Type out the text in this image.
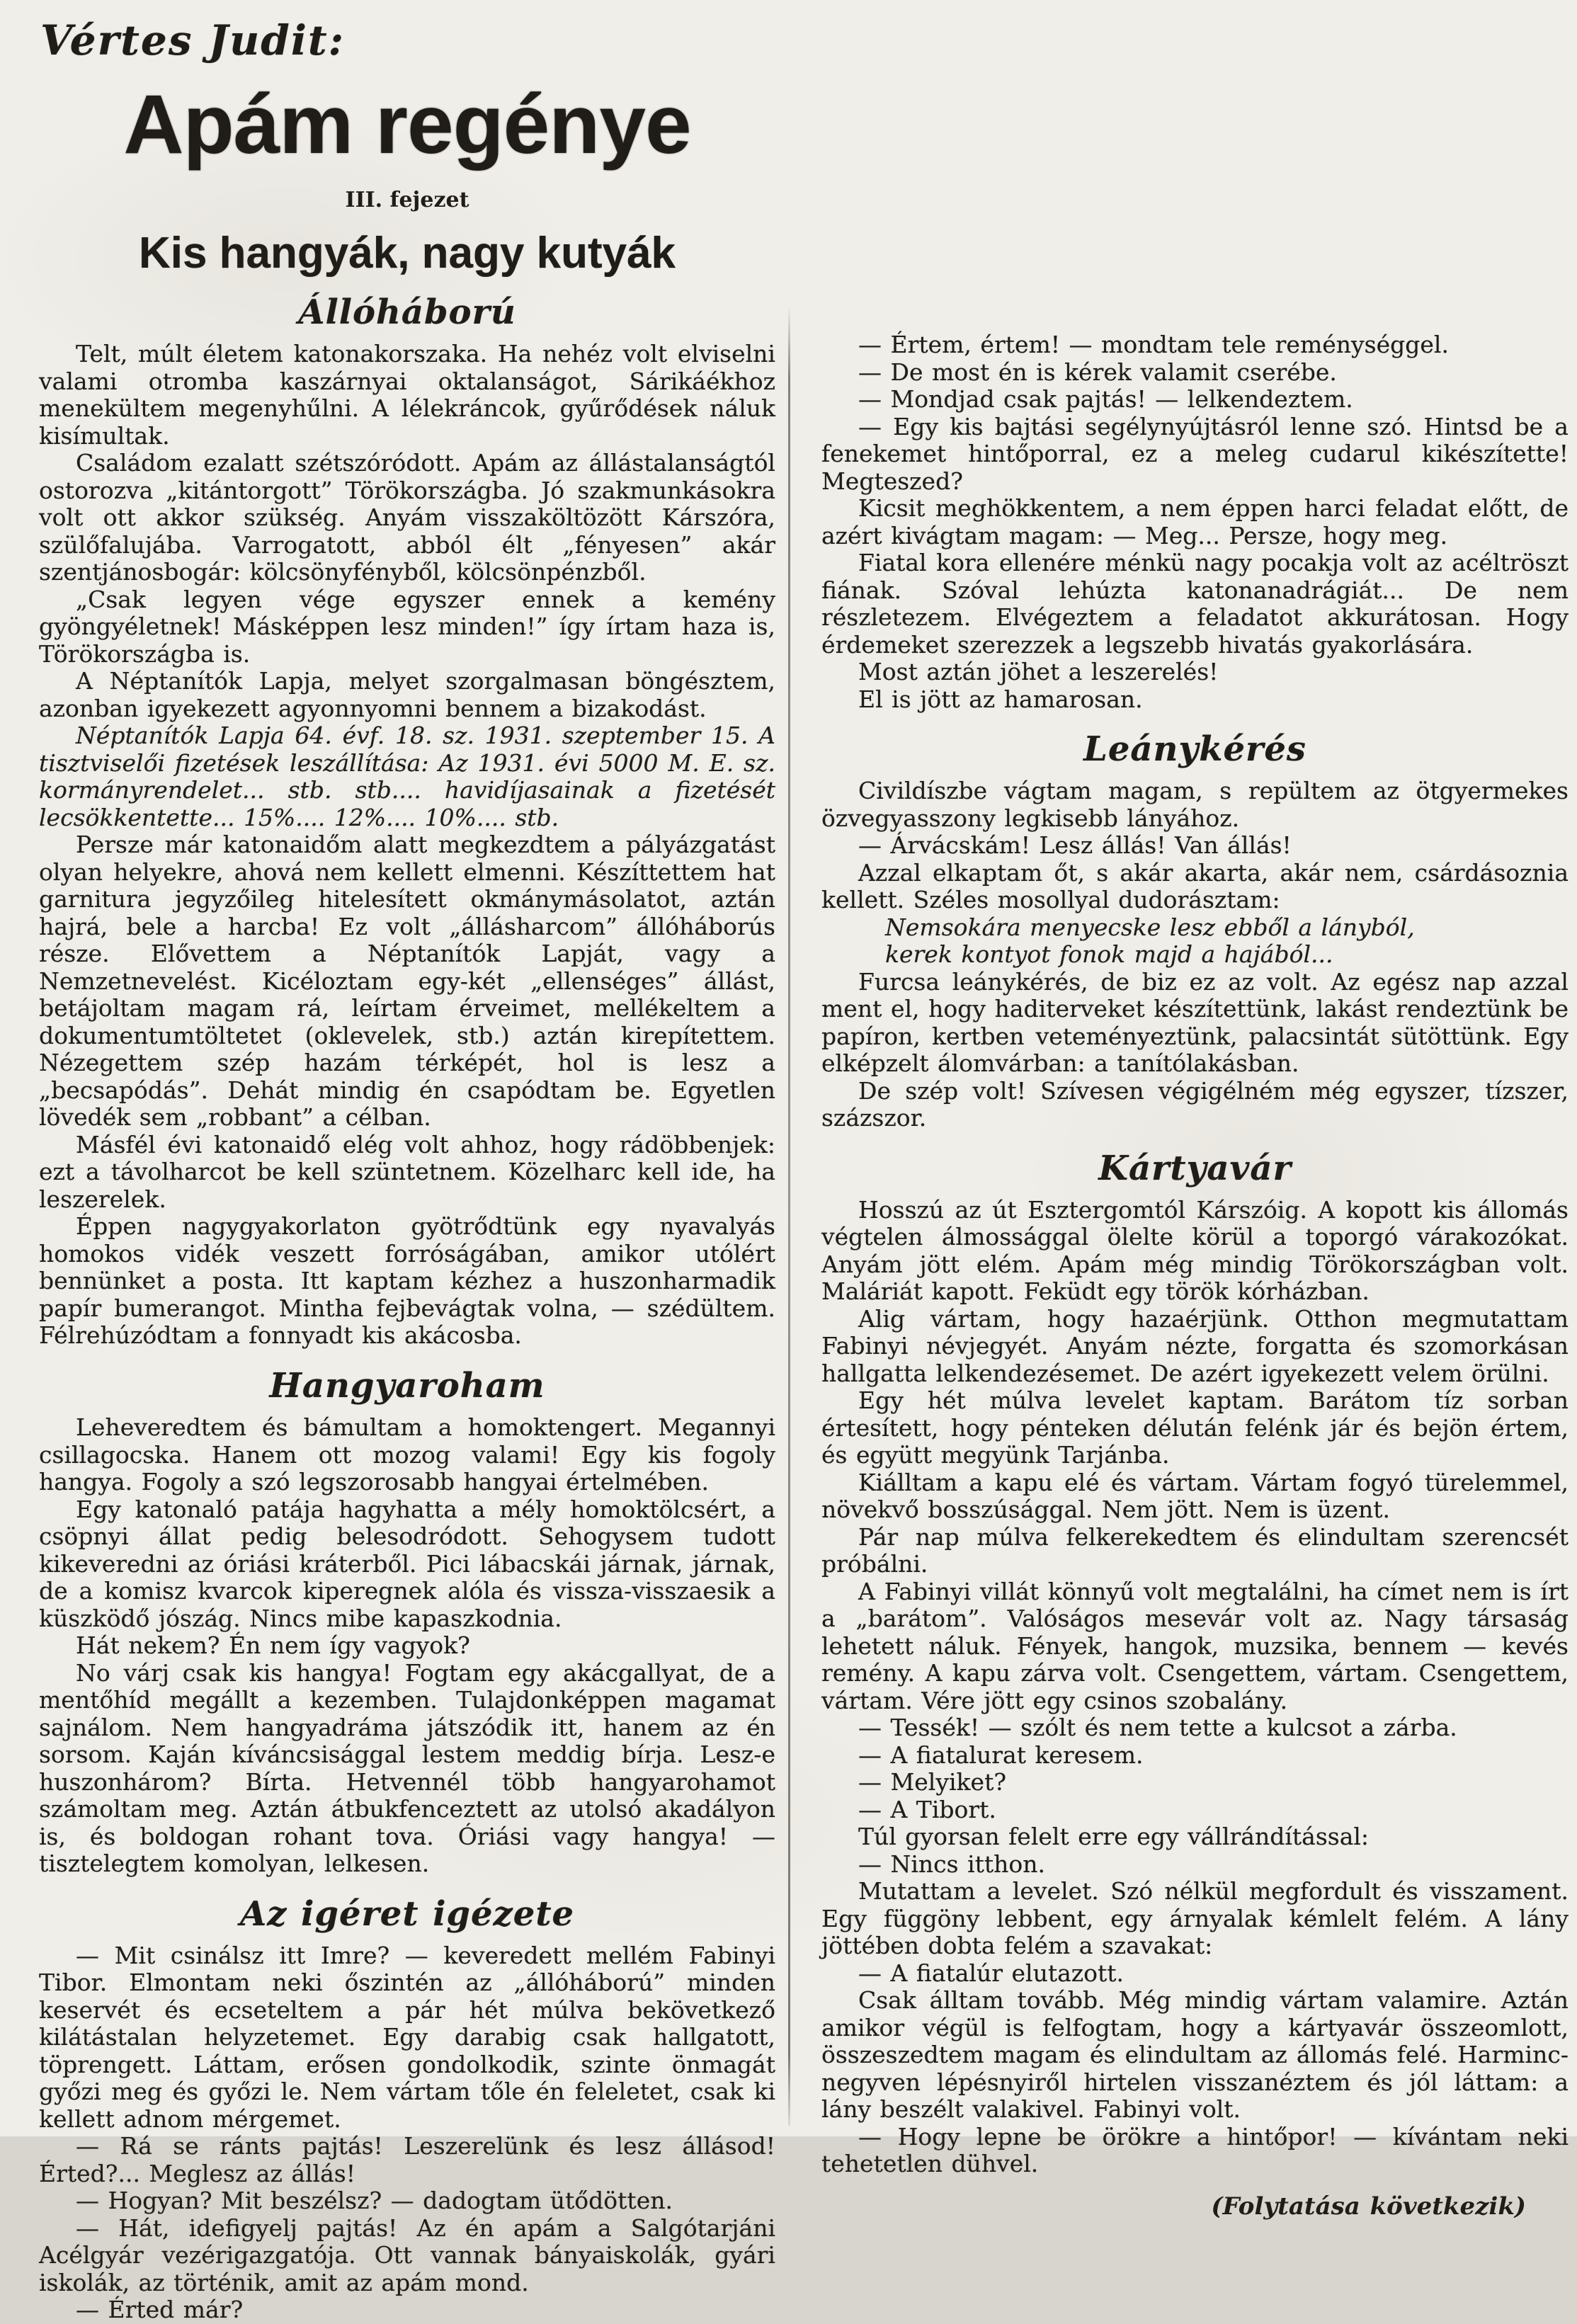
Vértes Judit:
Apám regénye
III. fejezet
Kis hangyák, nagy kutyák
Állóháború
Telt, múlt életem katonakorszaka. Ha nehéz volt elviselni valami otromba kaszárnyai oktalanságot, Sárikáékhoz menekültem megenyhűlni. A lélekráncok, gyűrődések náluk kisímultak.
Családom ezalatt szétszóródott. Apám az állástalanságtól ostorozva „kitántorgott” Törökországba. Jó szakmunkásokra volt ott akkor szükség. Anyám visszaköltözött Kárszóra, szülőfalujába. Varrogatott, abból élt „fényesen” akár szentjánosbogár: kölcsönyfényből, kölcsönpénzből.
„Csak legyen vége egyszer ennek a kemény gyöngyéletnek! Másképpen lesz minden!” így írtam haza is, Törökországba is.
A Néptanítók Lapja, melyet szorgalmasan böngésztem, azonban igyekezett agyonnyomni bennem a bizakodást.
Néptanítók Lapja 64. évf. 18. sz. 1931. szeptember 15. A tisztviselői fizetések leszállítása: Az 1931. évi 5000 M. E. sz. kormányrendelet... stb. stb.... havidíjasainak a fizetését lecsökkentette... 15%.... 12%.... 10%.... stb.
Persze már katonaidőm alatt megkezdtem a pályázgatást olyan helyekre, ahová nem kellett elmenni. Készíttettem hat garnitura jegyzőileg hitelesített okmánymásolatot, aztán hajrá, bele a harcba! Ez volt „állásharcom” állóháborús része. Elővettem a Néptanítók Lapját, vagy a Nemzetnevelést. Kicéloztam egy-két „ellenséges” állást, betájoltam magam rá, leírtam érveimet, mellékeltem a dokumentumtöltetet (oklevelek, stb.) aztán kirepítettem. Nézegettem szép hazám térképét, hol is lesz a „becsapódás”. Dehát mindig én csapódtam be. Egyetlen lövedék sem „robbant” a célban.
Másfél évi katonaidő elég volt ahhoz, hogy rádöbbenjek: ezt a távolharcot be kell szüntetnem. Közelharc kell ide, ha leszerelek.
Éppen nagygyakorlaton gyötrődtünk egy nyavalyás homokos vidék veszett forróságában, amikor utólért bennünket a posta. Itt kaptam kézhez a huszonharmadik papír bumerangot. Mintha fejbevágtak volna, — szédültem. Félrehúzódtam a fonnyadt kis akácosba.
Hangyaroham
Leheveredtem és bámultam a homoktengert. Megannyi csillagocska. Hanem ott mozog valami! Egy kis fogoly hangya. Fogoly a szó legszorosabb hangyai értelmében.
Egy katonaló patája hagyhatta a mély homoktölcsért, a csöpnyi állat pedig belesodródott. Sehogysem tudott kikeveredni az óriási kráterből. Pici lábacskái járnak, járnak, de a komisz kvarcok kiperegnek alóla és vissza-visszaesik a küszködő jószág. Nincs mibe kapaszkodnia.
Hát nekem? Én nem így vagyok?
No várj csak kis hangya! Fogtam egy akácgallyat, de a mentőhíd megállt a kezemben. Tulajdonképpen magamat sajnálom. Nem hangyadráma játszódik itt, hanem az én sorsom. Kaján kíváncsisággal lestem meddig bírja. Lesz-e huszonhárom? Bírta. Hetvennél több hangyarohamot számoltam meg. Aztán átbukfenceztett az utolsó akadályon is, és boldogan rohant tova. Óriási vagy hangya! — tisztelegtem komolyan, lelkesen.
Az igéret igézete
— Mit csinálsz itt Imre? — keveredett mellém Fabinyi Tibor. Elmontam neki őszintén az „állóháború” minden keservét és ecseteltem a pár hét múlva bekövetkező kilátástalan helyzetemet. Egy darabig csak hallgatott, töprengett. Láttam, erősen gondolkodik, szinte önmagát győzi meg és győzi le. Nem vártam tőle én feleletet, csak ki kellett adnom mérgemet.
— Rá se ránts pajtás! Leszerelünk és lesz állásod! Érted?... Meglesz az állás!
— Hogyan? Mit beszélsz? — dadogtam ütődötten.
— Hát, idefigyelj pajtás! Az én apám a Salgótarjáni Acélgyár vezérigazgatója. Ott vannak bányaiskolák, gyári iskolák, az történik, amit az apám mond.
— Érted már?
— Értem, értem! — mondtam tele reménységgel.
— De most én is kérek valamit cserébe.
— Mondjad csak pajtás! — lelkendeztem.
— Egy kis bajtási segélynyújtásról lenne szó. Hintsd be a fenekemet hintőporral, ez a meleg cudarul kikészítette! Megteszed?
Kicsit meghökkentem, a nem éppen harci feladat előtt, de azért kivágtam magam: — Meg... Persze, hogy meg.
Fiatal kora ellenére ménkü nagy pocakja volt az acéltröszt fiának. Szóval lehúzta katonanadrágiát... De nem részletezem. Elvégeztem a feladatot akkurátosan. Hogy érdemeket szerezzek a legszebb hivatás gyakorlására.
Most aztán jöhet a leszerelés!
El is jött az hamarosan.
Leánykérés
Civildíszbe vágtam magam, s repültem az ötgyermekes özvegyasszony legkisebb lányához.
— Árvácskám! Lesz állás! Van állás!
Azzal elkaptam őt, s akár akarta, akár nem, csárdásoznia kellett. Széles mosollyal dudorásztam:
Nemsokára menyecske lesz ebből a lányból,
kerek kontyot fonok majd a hajából...
Furcsa leánykérés, de biz ez az volt. Az egész nap azzal ment el, hogy haditerveket készítettünk, lakást rendeztünk be papíron, kertben veteményeztünk, palacsintát sütöttünk. Egy elképzelt álomvárban: a tanítólakásban.
De szép volt! Szívesen végigélném még egyszer, tízszer, százszor.
Kártyavár
Hosszú az út Esztergomtól Kárszóig. A kopott kis állomás végtelen álmossággal ölelte körül a toporgó várakozókat. Anyám jött elém. Apám még mindig Törökországban volt. Maláriát kapott. Feküdt egy török kórházban.
Alig vártam, hogy hazaérjünk. Otthon megmutattam Fabinyi névjegyét. Anyám nézte, forgatta és szomorkásan hallgatta lelkendezésemet. De azért igyekezett velem örülni.
Egy hét múlva levelet kaptam. Barátom tíz sorban értesített, hogy pénteken délután felénk jár és bejön értem, és együtt megyünk Tarjánba.
Kiálltam a kapu elé és vártam. Vártam fogyó türelemmel, növekvő bosszúsággal. Nem jött. Nem is üzent.
Pár nap múlva felkerekedtem és elindultam szerencsét próbálni.
A Fabinyi villát könnyű volt megtalálni, ha címet nem is írt a „barátom”. Valóságos mesevár volt az. Nagy társaság lehetett náluk. Fények, hangok, muzsika, bennem — kevés remény. A kapu zárva volt. Csengettem, vártam. Csengettem, vártam. Vére jött egy csinos szobalány.
— Tessék! — szólt és nem tette a kulcsot a zárba.
— A fiatalurat keresem.
— Melyiket?
— A Tibort.
Túl gyorsan felelt erre egy vállrándítással:
— Nincs itthon.
Mutattam a levelet. Szó nélkül megfordult és visszament. Egy függöny lebbent, egy árnyalak kémlelt felém. A lány jöttében dobta felém a szavakat:
— A fiatalúr elutazott.
Csak álltam tovább. Még mindig vártam valamire. Aztán amikor végül is felfogtam, hogy a kártyavár összeomlott, összeszedtem magam és elindultam az állomás felé. Harminc-negyven lépésnyiről hirtelen visszanéztem és jól láttam: a lány beszélt valakivel. Fabinyi volt.
— Hogy lepne be örökre a hintőpor! — kívántam neki tehetetlen dühvel.
(Folytatása következik)
